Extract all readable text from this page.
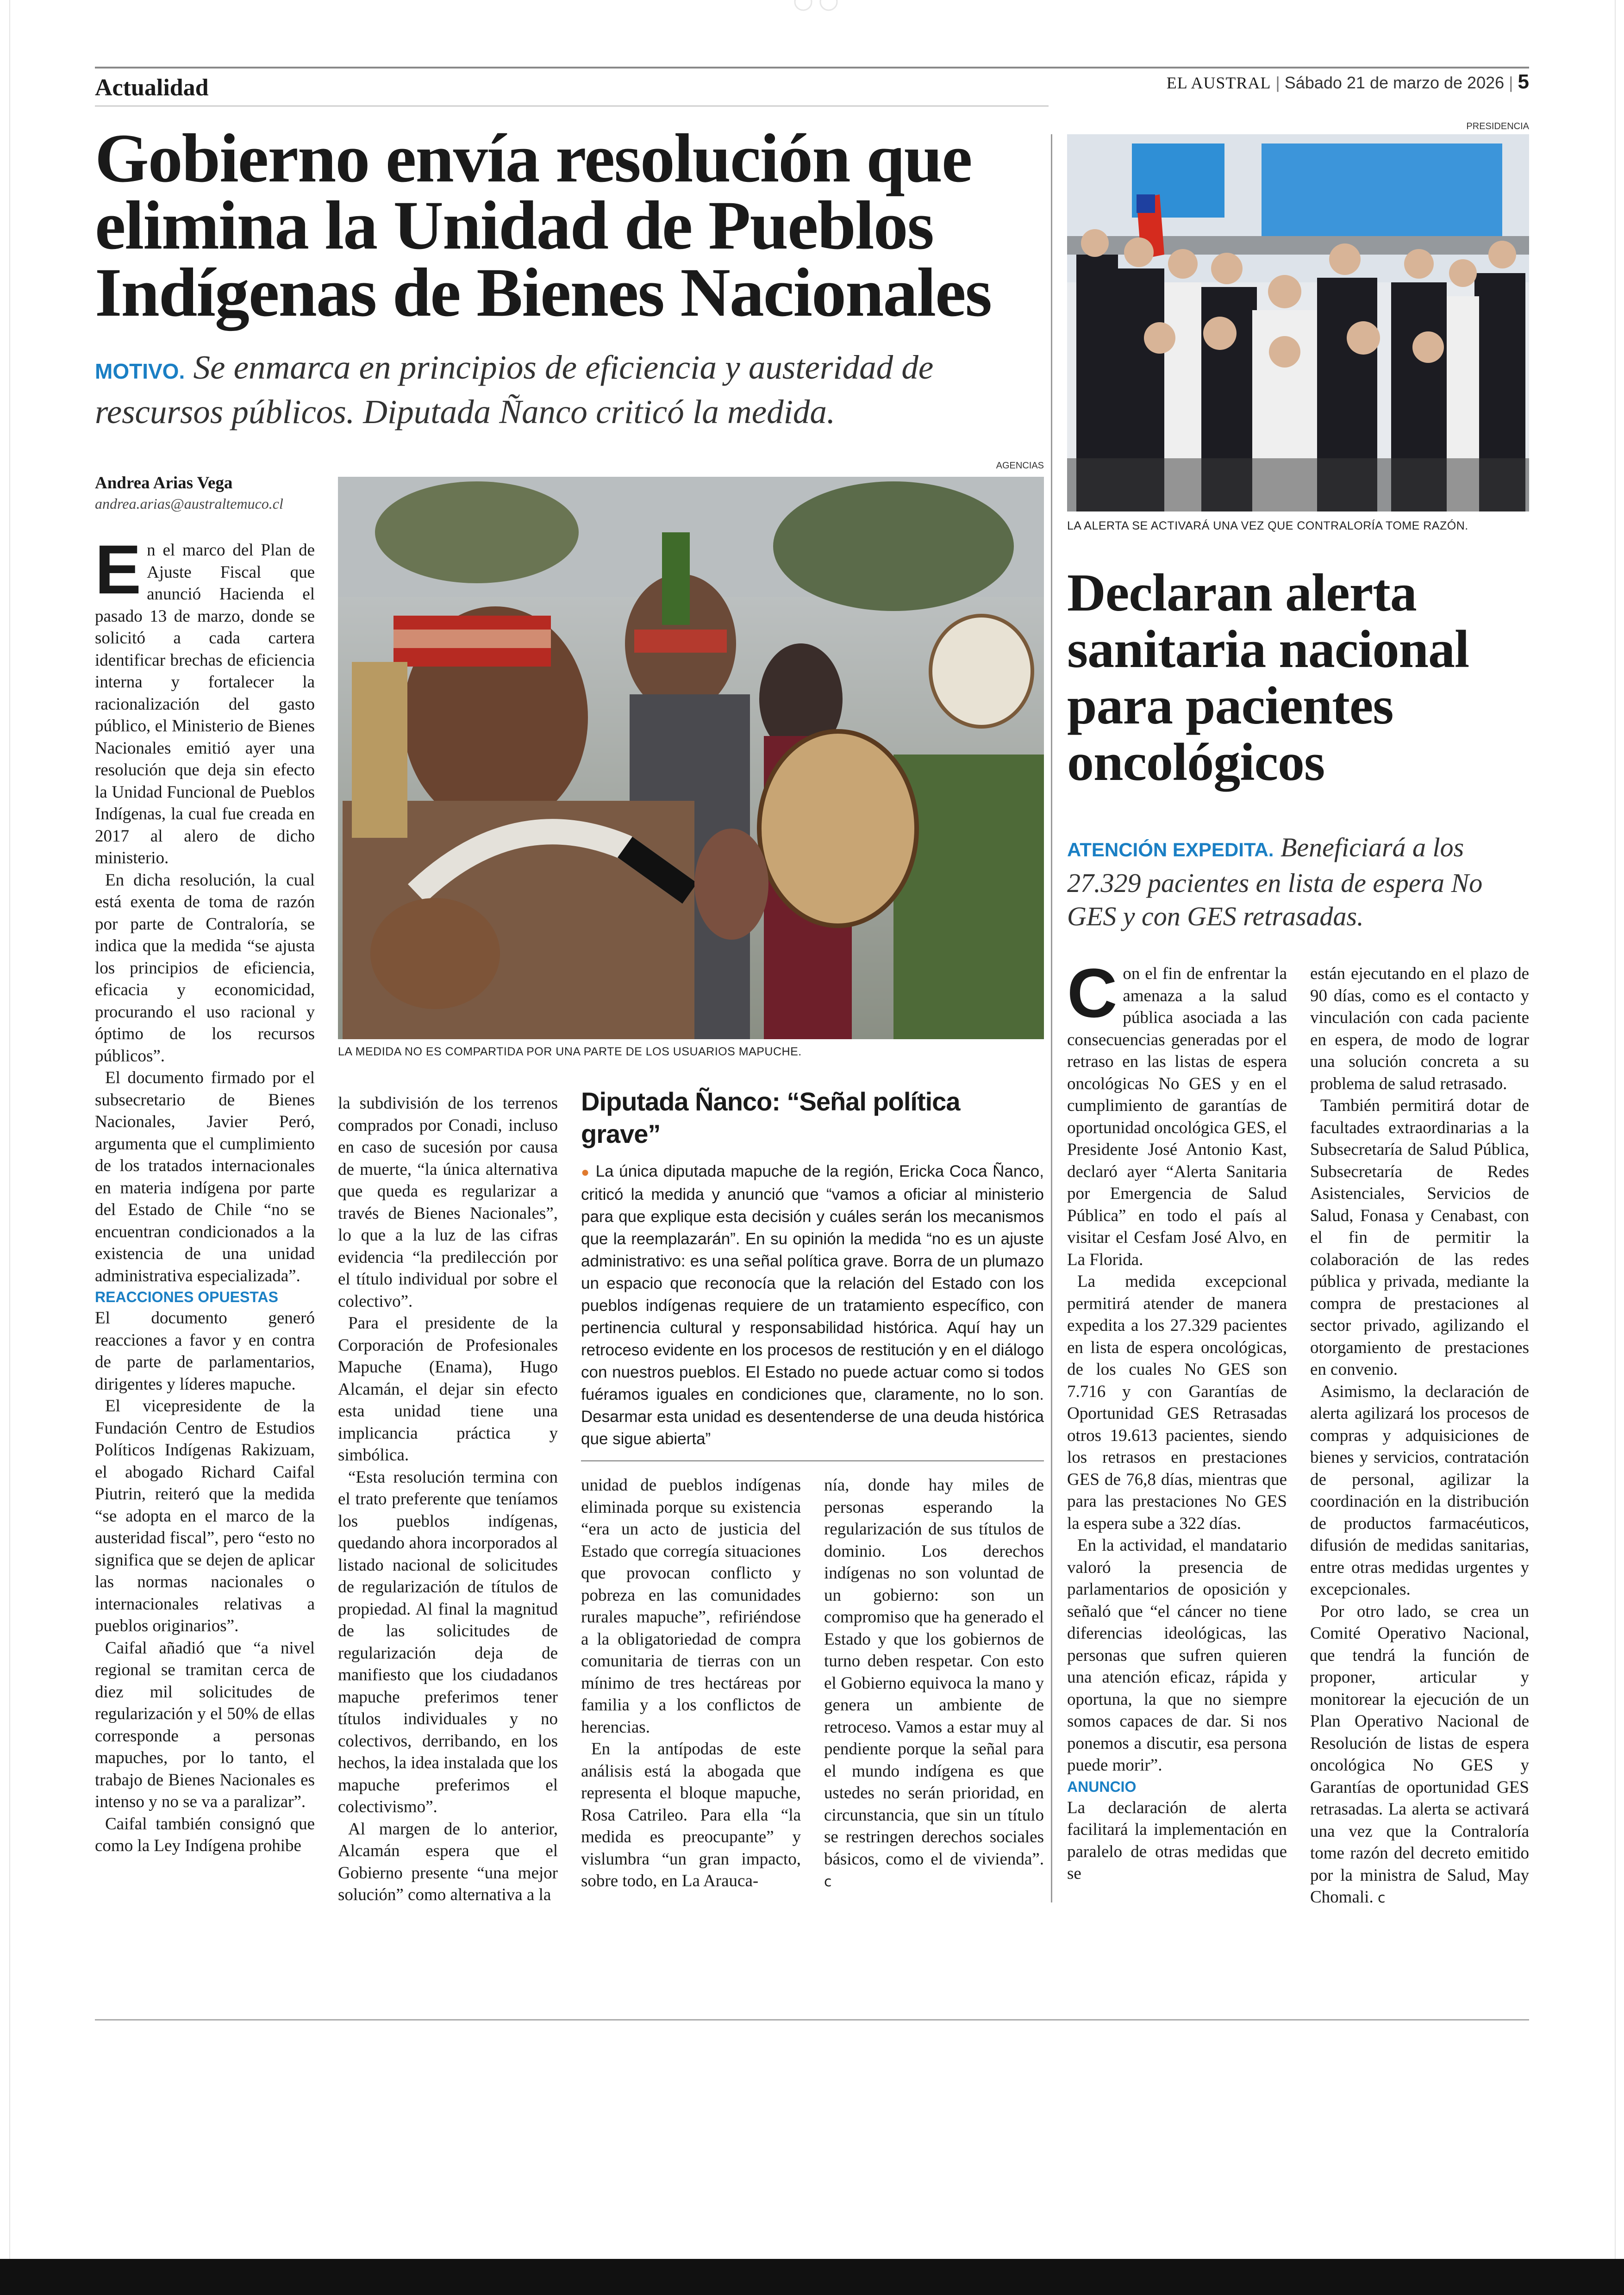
Actualidad	EL AUSTRAL | Sábado 21 de marzo de 2026 | 5
Gobierno envía resolución que elimina la Unidad de Pueblos Indígenas de Bienes Nacionales
MOTIVO. Se enmarca en principios de eficiencia y austeridad de rescursos públicos. Diputada Ñanco criticó la medida.
Andrea Arias Vega
andrea.arias@australtemuco.cl
AGENCIAS
LA MEDIDA NO ES COMPARTIDA POR UNA PARTE DE LOS USUARIOS MAPUCHE.

En el marco del Plan de Ajuste Fiscal que anunció Hacienda el pasado 13 de marzo, donde se solicitó a cada cartera identificar brechas de eficiencia interna y fortalecer la racionalización del gasto público, el Ministerio de Bienes Nacionales emitió ayer una resolución que deja sin efecto la Unidad Funcional de Pueblos Indígenas, la cual fue creada en 2017 al alero de dicho ministerio.

En dicha resolución, la cual está exenta de toma de razón por parte de Contraloría, se indica que la medida “se ajusta los principios de eficiencia, eficacia y economicidad, procurando el uso racional y óptimo de los recursos públicos”.

El documento firmado por el subsecretario de Bienes Nacionales, Javier Peró, argumenta que el cumplimiento de los tratados internacionales en materia indígena por parte del Estado de Chile “no se encuentran condicionados a la existencia de una unidad administrativa especializada”.

REACCIONES OPUESTAS

El documento generó reacciones a favor y en contra de parte de parlamentarios, dirigentes y líderes mapuche.

El vicepresidente de la Fundación Centro de Estudios Políticos Indígenas Rakizuam, el abogado Richard Caifal Piutrin, reiteró que la medida “se adopta en el marco de la austeridad fiscal”, pero “esto no significa que se dejen de aplicar las normas nacionales o internacionales relativas a pueblos originarios”.

Caifal añadió que “a nivel regional se tramitan cerca de diez mil solicitudes de regularización y el 50% de ellas corresponde a personas mapuches, por lo tanto, el trabajo de Bienes Nacionales es intenso y no se va a paralizar”.

Caifal también consignó que como la Ley Indígena prohibe

la subdivisión de los terrenos comprados por Conadi, incluso en caso de sucesión por causa de muerte, “la única alternativa que queda es regularizar a través de Bienes Nacionales”, lo que a la luz de las cifras evidencia “la predilección por el título individual por sobre el colectivo”.

Para el presidente de la Corporación de Profesionales Mapuche (Enama), Hugo Alcamán, el dejar sin efecto esta unidad tiene una implicancia práctica y simbólica.

“Esta resolución termina con el trato preferente que teníamos los pueblos indígenas, quedando ahora incorporados al listado nacional de solicitudes de regularización de títulos de propiedad. Al final la magnitud de las solicitudes de regularización deja de manifiesto que los ciudadanos mapuche preferimos tener títulos individuales y no colectivos, derribando, en los hechos, la idea instalada que los mapuche preferimos el colectivismo”.

Al margen de lo anterior, Alcamán espera que el Gobierno presente “una mejor solución” como alternativa a la

Diputada Ñanco: “Señal política grave”
● La única diputada mapuche de la región, Ericka Coca Ñanco, criticó la medida y anunció que “vamos a oficiar al ministerio para que explique esta decisión y cuáles serán los mecanismos que la reemplazarán”. En su opinión la medida “no es un ajuste administrativo: es una señal política grave. Borra de un plumazo un espacio que reconocía que la relación del Estado con los pueblos indígenas requiere de un tratamiento específico, con pertinencia cultural y responsabilidad histórica. Aquí hay un retroceso evidente en los procesos de restitución y en el diálogo con nuestros pueblos. El Estado no puede actuar como si todos fuéramos iguales en condiciones que, claramente, no lo son. Desarmar esta unidad es desentenderse de una deuda histórica que sigue abierta”

unidad de pueblos indígenas eliminada porque su existencia “era un acto de justicia del Estado que corregía situaciones que provocan conflicto y pobreza en las comunidades rurales mapuche”, refiriéndose a la obligatoriedad de compra comunitaria de tierras con un mínimo de tres hectáreas por familia y a los conflictos de herencias.

En la antípodas de este análisis está la abogada que representa el bloque mapuche, Rosa Catrileo. Para ella “la medida es preocupante” y vislumbra “un gran impacto, sobre todo, en La Arauca-

nía, donde hay miles de personas esperando la regularización de sus títulos de dominio. Los derechos indígenas no son voluntad de un gobierno: son un compromiso que ha generado el Estado y que los gobiernos de turno deben respetar. Con esto el Gobierno equivoca la mano y genera un ambiente de retroceso. Vamos a estar muy al pendiente porque la señal para el mundo indígena es que ustedes no serán prioridad, en circunstancia, que sin un título se restringen derechos sociales básicos, como el de vivienda”. ϲ

PRESIDENCIA
LA ALERTA SE ACTIVARÁ UNA VEZ QUE CONTRALORÍA TOME RAZÓN.
Declaran alerta sanitaria nacional para pacientes oncológicos
ATENCIÓN EXPEDITA. Beneficiará a los 27.329 pacientes en lista de espera No GES y con GES retrasadas.

Con el fin de enfrentar la amenaza a la salud pública asociada a las consecuencias generadas por el retraso en las listas de espera oncológicas No GES y en el cumplimiento de garantías de oportunidad oncológica GES, el Presidente José Antonio Kast, declaró ayer “Alerta Sanitaria por Emergencia de Salud Pública” en todo el país al visitar el Cesfam José Alvo, en La Florida.

La medida excepcional permitirá atender de manera expedita a los 27.329 pacientes en lista de espera oncológicas, de los cuales No GES son 7.716 y con Garantías de Oportunidad GES Retrasadas otros 19.613 pacientes, siendo los retrasos en prestaciones GES de 76,8 días, mientras que para las prestaciones No GES la espera sube a 322 días.

En la actividad, el mandatario valoró la presencia de parlamentarios de oposición y señaló que “el cáncer no tiene diferencias ideológicas, las personas que sufren quieren una atención eficaz, rápida y oportuna, la que no siempre somos capaces de dar. Si nos ponemos a discutir, esa persona puede morir”.

ANUNCIO

La declaración de alerta facilitará la implementación en paralelo de otras medidas que se

están ejecutando en el plazo de 90 días, como es el contacto y vinculación con cada paciente en espera, de modo de lograr una solución concreta a su problema de salud retrasado.

También permitirá dotar de facultades extraordinarias a la Subsecretaría de Salud Pública, Subsecretaría de Redes Asistenciales, Servicios de Salud, Fonasa y Cenabast, con el fin de permitir la colaboración de las redes pública y privada, mediante la compra de prestaciones al sector privado, agilizando el otorgamiento de prestaciones en convenio.

Asimismo, la declaración de alerta agilizará los procesos de compras y adquisiciones de bienes y servicios, contratación de personal, agilizar la coordinación en la distribución de productos farmacéuticos, difusión de medidas sanitarias, entre otras medidas urgentes y excepcionales.

Por otro lado, se crea un Comité Operativo Nacional, que tendrá la función de proponer, articular y monitorear la ejecución de un Plan Operativo Nacional de Resolución de listas de espera oncológica No GES y Garantías de oportunidad GES retrasadas. La alerta se activará una vez que la Contraloría tome razón del decreto emitido por la ministra de Salud, May Chomali. ϲ
